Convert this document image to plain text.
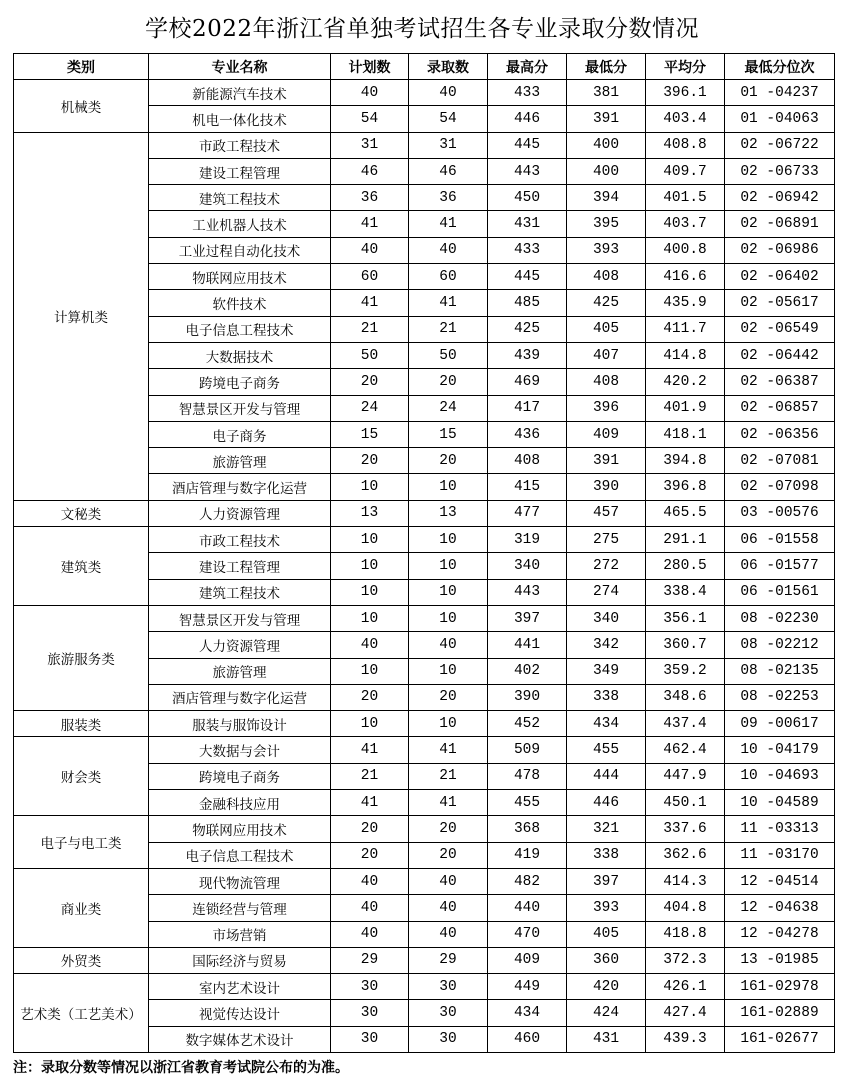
学校2022年浙江省单独考试招生各专业录取分数情况
类别	专业名称	计划数	录取数	最高分	最低分	平均分	最低分位次
机械类	新能源汽车技术	40	40	433	381	396.1	01 -04237
	机电一体化技术	54	54	446	391	403.4	01 -04063
计算机类	市政工程技术	31	31	445	400	408.8	02 -06722
	建设工程管理	46	46	443	400	409.7	02 -06733
	建筑工程技术	36	36	450	394	401.5	02 -06942
	工业机器人技术	41	41	431	395	403.7	02 -06891
	工业过程自动化技术	40	40	433	393	400.8	02 -06986
	物联网应用技术	60	60	445	408	416.6	02 -06402
	软件技术	41	41	485	425	435.9	02 -05617
	电子信息工程技术	21	21	425	405	411.7	02 -06549
	大数据技术	50	50	439	407	414.8	02 -06442
	跨境电子商务	20	20	469	408	420.2	02 -06387
	智慧景区开发与管理	24	24	417	396	401.9	02 -06857
	电子商务	15	15	436	409	418.1	02 -06356
	旅游管理	20	20	408	391	394.8	02 -07081
	酒店管理与数字化运营	10	10	415	390	396.8	02 -07098
文秘类	人力资源管理	13	13	477	457	465.5	03 -00576
建筑类	市政工程技术	10	10	319	275	291.1	06 -01558
	建设工程管理	10	10	340	272	280.5	06 -01577
	建筑工程技术	10	10	443	274	338.4	06 -01561
旅游服务类	智慧景区开发与管理	10	10	397	340	356.1	08 -02230
	人力资源管理	40	40	441	342	360.7	08 -02212
	旅游管理	10	10	402	349	359.2	08 -02135
	酒店管理与数字化运营	20	20	390	338	348.6	08 -02253
服装类	服装与服饰设计	10	10	452	434	437.4	09 -00617
财会类	大数据与会计	41	41	509	455	462.4	10 -04179
	跨境电子商务	21	21	478	444	447.9	10 -04693
	金融科技应用	41	41	455	446	450.1	10 -04589
电子与电工类	物联网应用技术	20	20	368	321	337.6	11 -03313
	电子信息工程技术	20	20	419	338	362.6	11 -03170
商业类	现代物流管理	40	40	482	397	414.3	12 -04514
	连锁经营与管理	40	40	440	393	404.8	12 -04638
	市场营销	40	40	470	405	418.8	12 -04278
外贸类	国际经济与贸易	29	29	409	360	372.3	13 -01985
艺术类（工艺美术）	室内艺术设计	30	30	449	420	426.1	161-02978
	视觉传达设计	30	30	434	424	427.4	161-02889
	数字媒体艺术设计	30	30	460	431	439.3	161-02677
注：录取分数等情况以浙江省教育考试院公布的为准。
